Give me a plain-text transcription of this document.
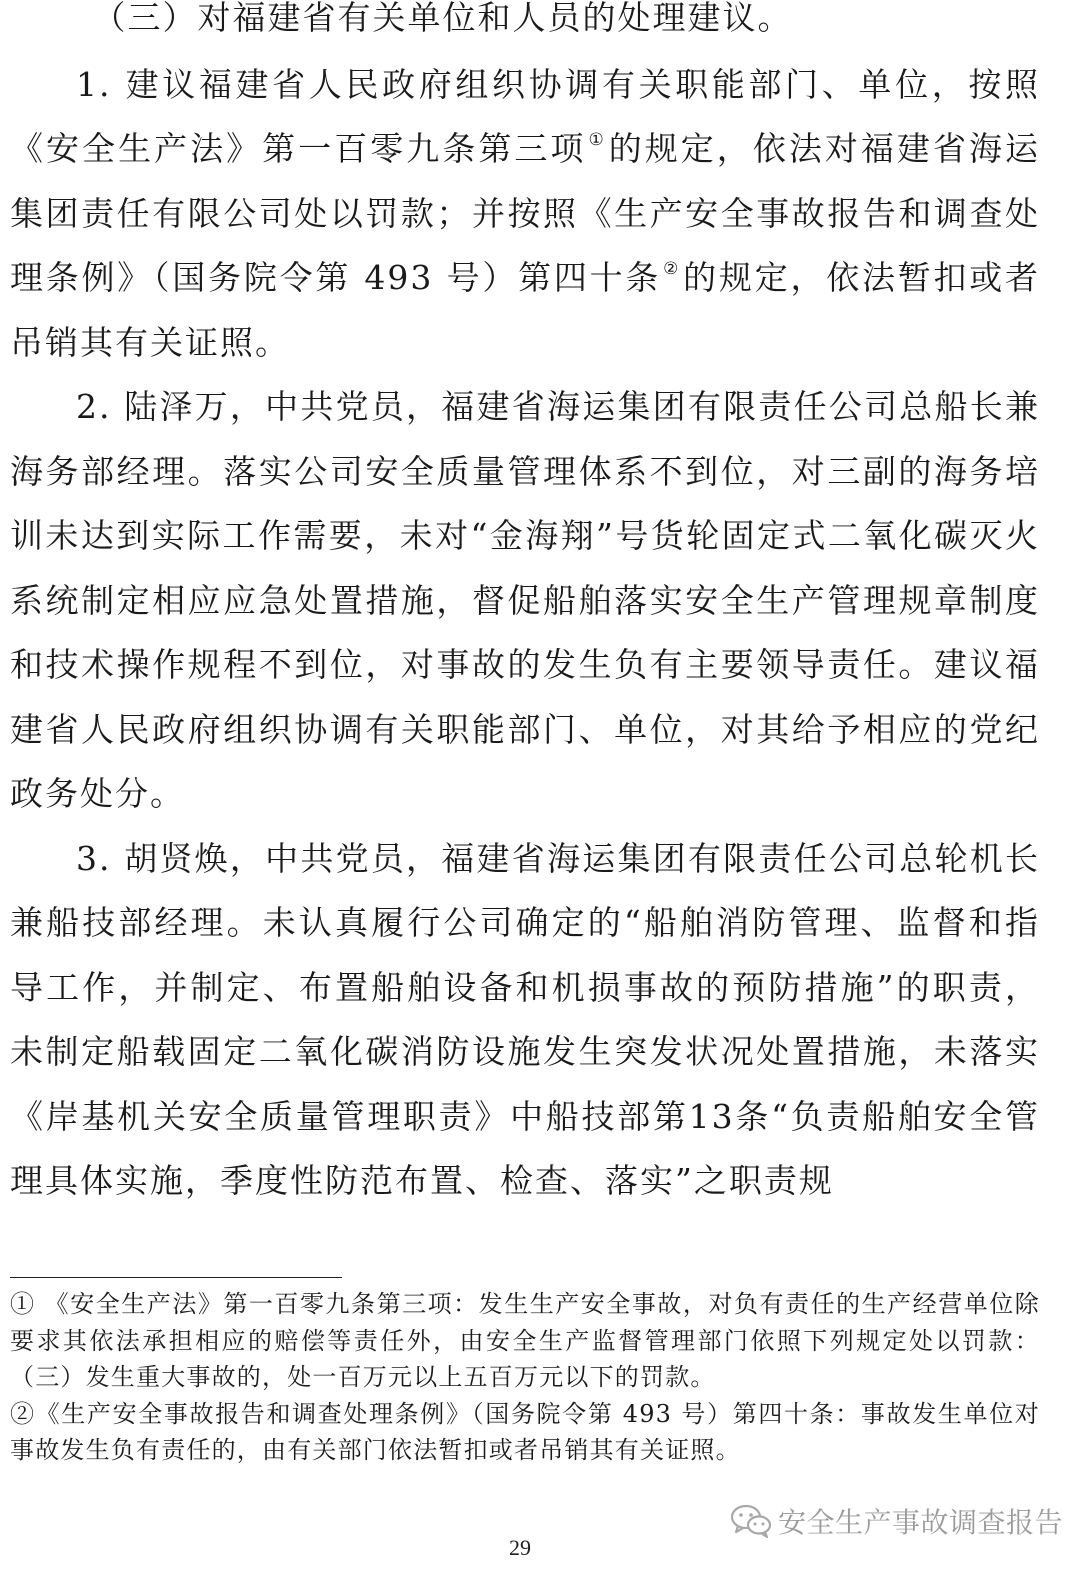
（三）对福建省有关单位和人员的处理建议。

1. 建议福建省人民政府组织协调有关职能部门、单位，按照《安全生产法》第一百零九条第三项 ①的规定，依法对福建省海运集团责任有限公司处以罚款；并按照《生产安全事故报告和调查处理条例》（国务院令第 493 号）第四十条 ②的规定，依法暂扣或者吊销其有关证照。

2. 陆泽万，中共党员，福建省海运集团有限责任公司总船长兼海务部经理。落实公司安全质量管理体系不到位，对三副的海务培训未达到实际工作需要，未对“金海翔”号货轮固定式二氧化碳灭火系统制定相应应急处置措施，督促船舶落实安全生产管理规章制度和技术操作规程不到位，对事故的发生负有主要领导责任。建议福建省人民政府组织协调有关职能部门、单位，对其给予相应的党纪政务处分。

3. 胡贤焕，中共党员，福建省海运集团有限责任公司总轮机长兼船技部经理。未认真履行公司确定的“船舶消防管理、监督和指导工作，并制定、布置船舶设备和机损事故的预防措施”的职责，未制定船载固定二氧化碳消防设施发生突发状况处置措施，未落实《岸基机关安全质量管理职责》中船技部第13条“负责船舶安全管理具体实施，季度性防范布置、检查、落实”之职责规

① 《安全生产法》第一百零九条第三项：发生生产安全事故，对负有责任的生产经营单位除要求其依法承担相应的赔偿等责任外，由安全生产监督管理部门依照下列规定处以罚款：（三）发生重大事故的，处一百万元以上五百万元以下的罚款。

②《生产安全事故报告和调查处理条例》（国务院令第 493 号）第四十条：事故发生单位对事故发生负有责任的，由有关部门依法暂扣或者吊销其有关证照。

安全生产事故调查报告
29
